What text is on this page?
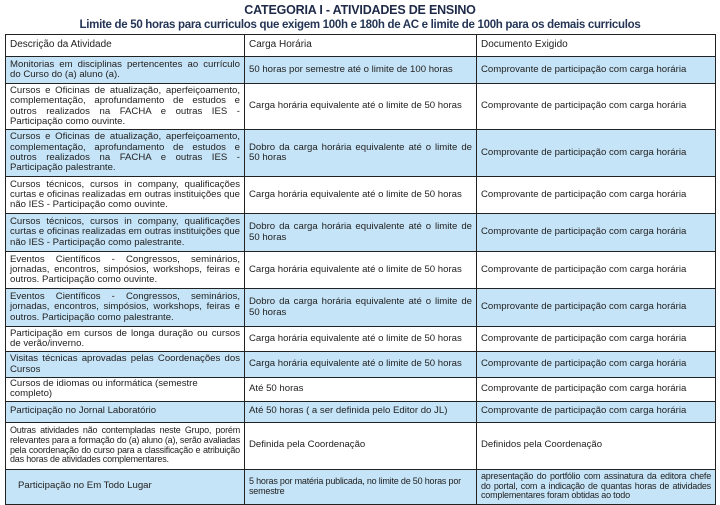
CATEGORIA I - ATIVIDADES DE ENSINO
Limite de 50 horas para curriculos que exigem 100h e 180h de AC e limite de 100h para os demais curriculos
Descrição da Atividade	Carga Horária	Documento Exigido
Monitorias em disciplinas pertencentes ao currículo do Curso do (a) aluno (a).	50 horas por semestre até o limite de 100 horas	Comprovante de participação com carga horária
Cursos e Oficinas de atualização, aperfeiçoamento, complementação, aprofundamento de estudos e outros realizados na FACHA e outras IES - Participação como ouvinte.	Carga horária equivalente até o limite de 50 horas	Comprovante de participação com carga horária
Cursos e Oficinas de atualização, aperfeiçoamento, complementação, aprofundamento de estudos e outros realizados na FACHA e outras IES - Participação palestrante.	Dobro da carga horária equivalente até o limite de 50 horas	Comprovante de participação com carga horária
Cursos técnicos, cursos in company, qualificações curtas e oficinas realizadas em outras instituições que não IES - Participação como ouvinte.	Carga horária equivalente até o limite de 50 horas	Comprovante de participação com carga horária
Cursos técnicos, cursos in company, qualificações curtas e oficinas realizadas em outras instituições que não IES - Participação como palestrante.	Dobro da carga horária equivalente até o limite de 50 horas	Comprovante de participação com carga horária
Eventos Científicos - Congressos, seminários, jornadas, encontros, simpósios, workshops, feiras e outros. Participação como ouvinte.	Carga horária equivalente até o limite de 50 horas	Comprovante de participação com carga horária
Eventos Científicos - Congressos, seminários, jornadas, encontros, simpósios, workshops, feiras e outros. Participação como palestrante.	Dobro da carga horária equivalente até o limite de 50 horas	Comprovante de participação com carga horária
Participação em cursos de longa duração ou cursos de verão/inverno.	Carga horária equivalente até o limite de 50 horas	Comprovante de participação com carga horária
Visitas técnicas aprovadas pelas Coordenações dos Cursos	Carga horária equivalente até o limite de 50 horas	Comprovante de participação com carga horária
Cursos de idiomas ou informática (semestre completo)	Até 50 horas	Comprovante de participação com carga horária
Participação no Jornal Laboratório	Até 50 horas ( a ser definida pelo Editor do JL)	Comprovante de participação com carga horária
Outras atividades não contempladas neste Grupo, porém relevantes para a formação do (a) aluno (a), serão avaliadas pela coordenação do curso para a classificação e atribuição das horas de atividades complementares.	Definida pela Coordenação	Definidos pela Coordenação
Participação no Em Todo Lugar	5 horas por matéria publicada, no limite de 50 horas por semestre	apresentação do portfólio com assinatura da editora chefe do portal, com a indicação de quantas horas de atividades complementares foram obtidas ao todo
